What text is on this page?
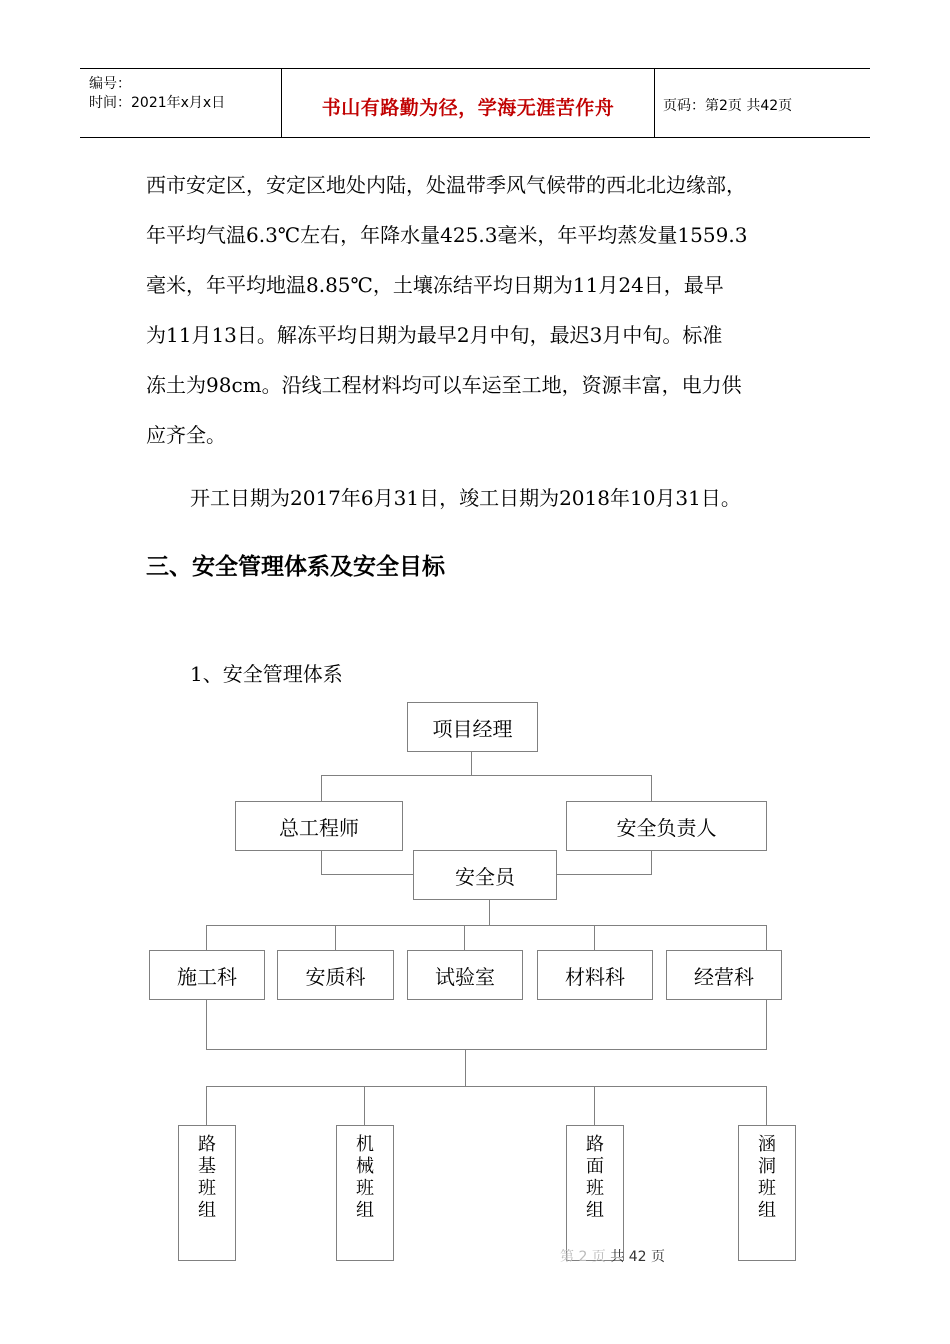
编号：
时间：2021年x月x日	书山有路勤为径，学海无涯苦作舟	页码：第2页 共42页
西市安定区，安定区地处内陆，处温带季风气候带的西北北边缘部，
年平均气温6.3℃左右，年降水量425.3毫米，年平均蒸发量1559.3
毫米，年平均地温8.85℃，土壤冻结平均日期为11月24日，最早
为11月13日。解冻平均日期为最早2月中旬，最迟3月中旬。标准
冻土为98cm。沿线工程材料均可以车运至工地，资源丰富，电力供
应齐全。
开工日期为2017年6月31日，竣工日期为2018年10月31日。
三、安全管理体系及安全目标
1、安全管理体系
项目经理
总工程师	安全负责人
安全员
施工科	安质科	试验室	材料科	经营科
路
基
班
组
机
械
班
组
路
面
班
组
涵
洞
班
组
第 2 页 共 42 页
